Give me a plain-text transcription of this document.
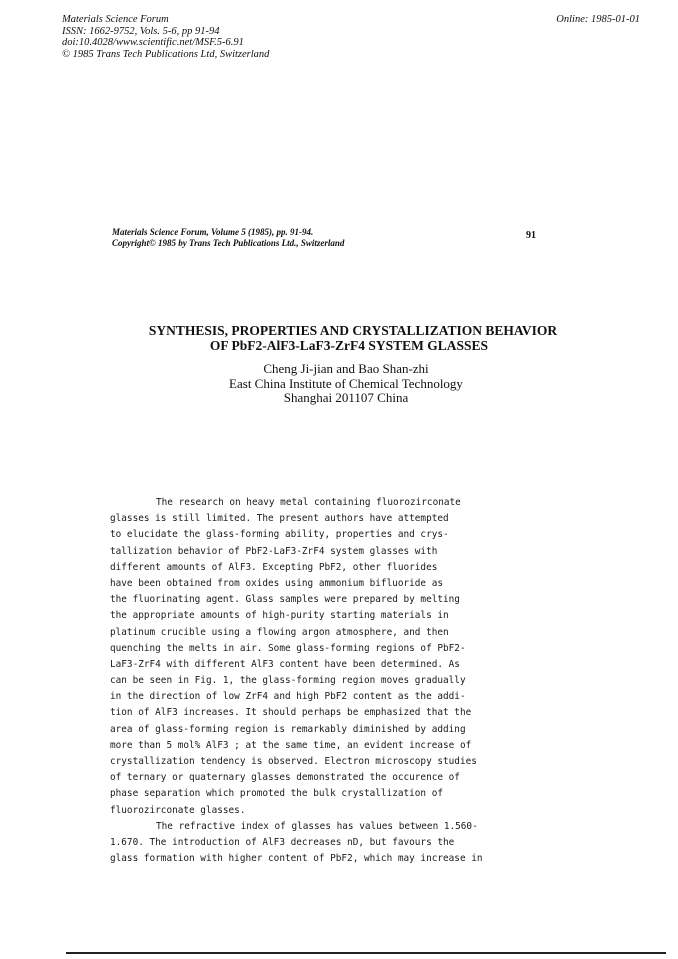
Materials Science Forum
ISSN: 1662-9752, Vols. 5-6, pp 91-94
doi:10.4028/www.scientific.net/MSF.5-6.91
© 1985 Trans Tech Publications Ltd, Switzerland
Online: 1985-01-01
Materials Science Forum, Volume 5 (1985), pp. 91-94.
Copyright© 1985 by Trans Tech Publications Ltd., Switzerland
91
SYNTHESIS, PROPERTIES AND CRYSTALLIZATION BEHAVIOR
OF PbF2-AlF3-LaF3-ZrF4 SYSTEM GLASSES
Cheng Ji-jian and Bao Shan-zhi
East China Institute of Chemical Technology
Shanghai 201107 China
The research on heavy metal containing fluorozirconate
glasses is still limited. The present authors have attempted
to elucidate the glass-forming ability, properties and crys-
tallization behavior of PbF2-LaF3-ZrF4 system glasses with
different amounts of AlF3. Excepting PbF2, other fluorides
have been obtained from oxides using ammonium bifluoride as
the fluorinating agent. Glass samples were prepared by melting
the appropriate amounts of high-purity starting materials in
platinum crucible using a flowing argon atmosphere, and then
quenching the melts in air. Some glass-forming regions of PbF2-
LaF3-ZrF4 with different AlF3 content have been determined. As
can be seen in Fig. 1, the glass-forming region moves gradually
in the direction of low ZrF4 and high PbF2 content as the addi-
tion of AlF3 increases. It should perhaps be emphasized that the
area of glass-forming region is remarkably diminished by adding
more than 5 mol% AlF3 ; at the same time, an evident increase of
crystallization tendency is observed. Electron microscopy studies
of ternary or quaternary glasses demonstrated the occurence of
phase separation which promoted the bulk crystallization of
fluorozirconate glasses.
The refractive index of glasses has values between 1.560-
1.670. The introduction of AlF3 decreases nD, but favours the
glass formation with higher content of PbF2, which may increase in
